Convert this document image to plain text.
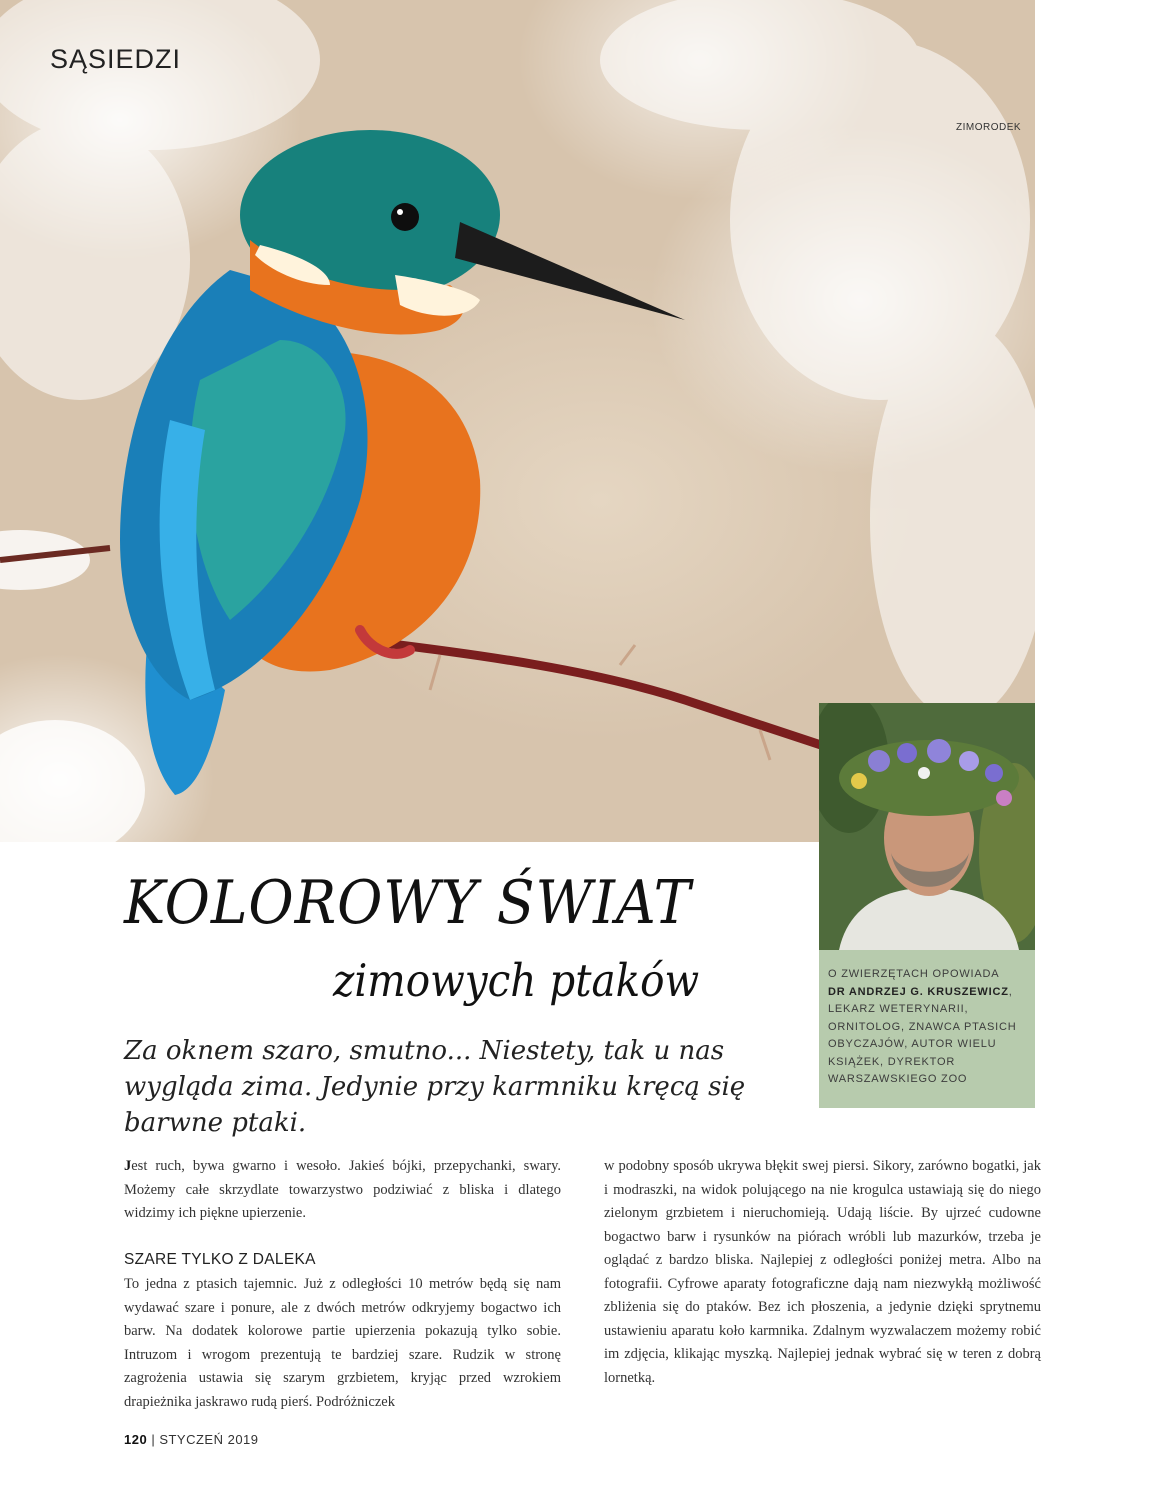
SĄSIEDZI
ZIMORODEK
O ZWIERZĘTACH OPOWIADA
DR ANDRZEJ G. KRUSZEWICZ, LEKARZ WETERYNARII, ORNITOLOG, ZNAWCA PTASICH OBYCZAJÓW, AUTOR WIELU KSIĄŻEK, DYREKTOR WARSZAWSKIEGO ZOO
KOLOROWY ŚWIAT
zimowych ptaków
Za oknem szaro, smutno... Niestety, tak u nas wygląda zima. Jedynie przy karmniku kręcą się barwne ptaki.

Jest ruch, bywa gwarno i wesoło. Jakieś bójki, przepychanki, swary. Możemy całe skrzydlate towarzystwo podziwiać z bliska i dlatego widzimy ich piękne upierzenie.

SZARE TYLKO Z DALEKA

To jedna z ptasich tajemnic. Już z odległości 10 metrów będą się nam wydawać szare i ponure, ale z dwóch metrów odkryjemy bogactwo ich barw. Na dodatek kolorowe partie upierzenia pokazują tylko sobie. Intruzom i wrogom prezentują te bardziej szare. Rudzik w stronę zagrożenia ustawia się szarym grzbietem, kryjąc przed wzrokiem drapieżnika jaskrawo rudą pierś. Podróżniczek

w podobny sposób ukrywa błękit swej piersi. Sikory, zarówno bogatki, jak i modraszki, na widok polującego na nie krogulca ustawiają się do niego zielonym grzbietem i nieruchomieją. Udają liście. By ujrzeć cudowne bogactwo barw i rysunków na piórach wróbli lub mazurków, trzeba je oglądać z bardzo bliska. Najlepiej z odległości poniżej metra. Albo na fotografii. Cyfrowe aparaty fotograficzne dają nam niezwykłą możliwość zbliżenia się do ptaków. Bez ich płoszenia, a jedynie dzięki sprytnemu ustawieniu aparatu koło karmnika. Zdalnym wyzwalaczem możemy robić im zdjęcia, klikając myszką. Najlepiej jednak wybrać się w teren z dobrą lornetką.

120 | STYCZEŃ 2019
